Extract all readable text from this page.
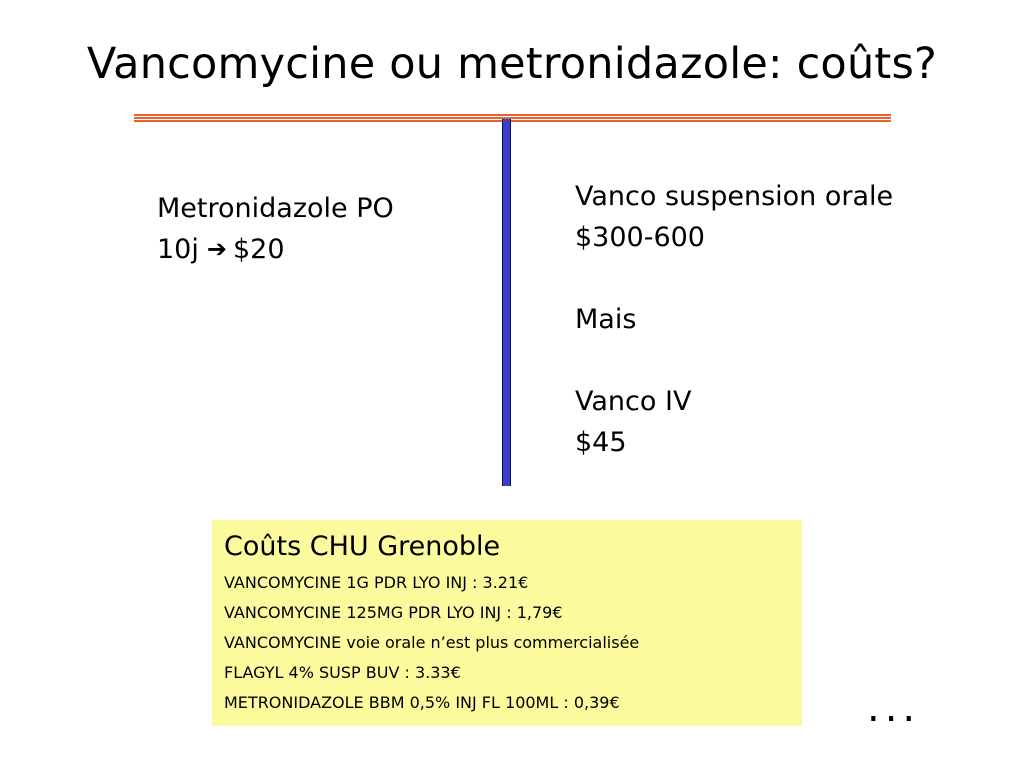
Vancomycine ou metronidazole: coûts?
Metronidazole PO
10j ➔ $20
Vanco suspension orale
$300-600
Mais
Vanco IV
$45
Coûts CHU Grenoble
VANCOMYCINE 1G PDR LYO INJ : 3.21€
VANCOMYCINE 125MG PDR LYO INJ : 1,79€
VANCOMYCINE voie orale n’est plus commercialisée
FLAGYL 4% SUSP BUV : 3.33€
METRONIDAZOLE BBM 0,5% INJ FL 100ML : 0,39€	...
